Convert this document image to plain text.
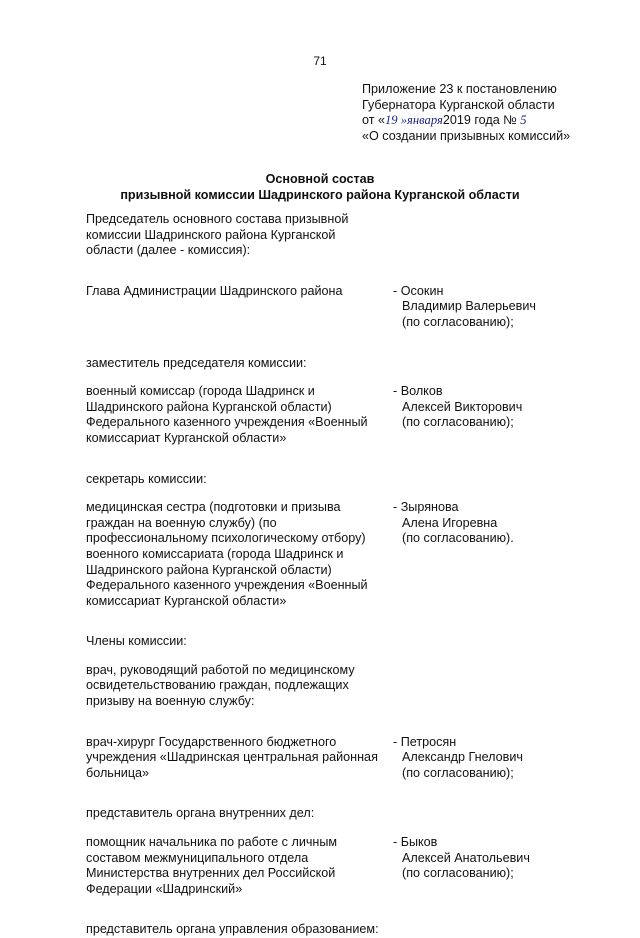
71
Приложение 23 к постановлению
Губернатора Курганской области
от «19 »января2019 года № 5
«О создании призывных комиссий»
Основной состав
призывной комиссии Шадринского района Курганской области
Председатель основного состава призывной
комиссии Шадринского района Курганской
области (далее - комиссия):
Глава Администрации Шадринского района	- Осокин
Владимир Валерьевич
(по согласованию);
заместитель председателя комиссии:
военный комиссар (города Шадринск и
Шадринского района Курганской области)
Федерального казенного учреждения «Военный
комиссариат Курганской области»
- Волков
Алексей Викторович
(по согласованию);
секретарь комиссии:
медицинская сестра (подготовки и призыва
граждан на военную службу) (по
профессиональному психологическому отбору)
военного комиссариата (города Шадринск и
Шадринского района Курганской области)
Федерального казенного учреждения «Военный
комиссариат Курганской области»
- Зырянова
Алена Игоревна
(по согласованию).
Члены комиссии:
врач, руководящий работой по медицинскому
освидетельствованию граждан, подлежащих
призыву на военную службу:
врач-хирург Государственного бюджетного
учреждения «Шадринская центральная районная
больница»
- Петросян
Александр Гнелович
(по согласованию);
представитель органа внутренних дел:
помощник начальника по работе с личным
составом межмуниципального отдела
Министерства внутренних дел Российской
Федерации «Шадринский»
- Быков
Алексей Анатольевич
(по согласованию);
представитель органа управления образованием:
